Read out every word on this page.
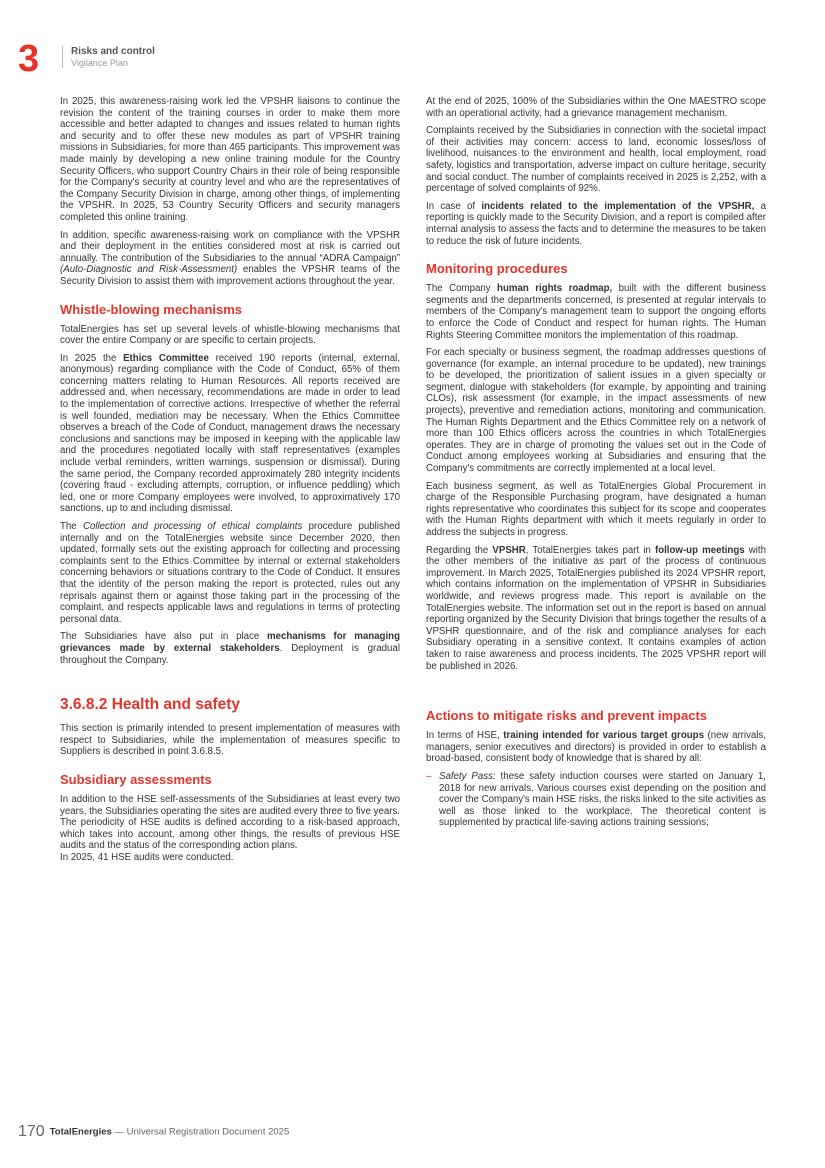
3	Risks and control
Vigilance Plan

In 2025, this awareness-raising work led the VPSHR liaisons to continue the revision the content of the training courses in order to make them more accessible and better adapted to changes and issues related to human rights and security and to offer these new modules as part of VPSHR training missions in Subsidiaries, for more than 465 participants. This improvement was made mainly by developing a new online training module for the Country Security Officers, who support Country Chairs in their role of being responsible for the Company's security at country level and who are the representatives of the Company Security Division in charge, among other things, of implementing the VPSHR. In 2025, 53 Country Security Officers and security managers completed this online training.

In addition, specific awareness-raising work on compliance with the VPSHR and their deployment in the entities considered most at risk is carried out annually. The contribution of the Subsidiaries to the annual “ADRA Campaign” (Auto-Diagnostic and Risk-Assessment) enables the VPSHR teams of the Security Division to assist them with improvement actions throughout the year.

Whistle-blowing mechanisms

TotalEnergies has set up several levels of whistle-blowing mechanisms that cover the entire Company or are specific to certain projects.

In 2025 the Ethics Committee received 190 reports (internal, external, anonymous) regarding compliance with the Code of Conduct, 65% of them concerning matters relating to Human Resources. All reports received are addressed and, when necessary, recommendations are made in order to lead to the implementation of corrective actions. Irrespective of whether the referral is well founded, mediation may be necessary. When the Ethics Committee observes a breach of the Code of Conduct, management draws the necessary conclusions and sanctions may be imposed in keeping with the applicable law and the procedures negotiated locally with staff representatives (examples include verbal reminders, written warnings, suspension or dismissal). During the same period, the Company recorded approximately 280 integrity incidents (covering fraud - excluding attempts, corruption, or influence peddling) which led, one or more Company employees were involved, to approximatively 170 sanctions, up to and including dismissal.

The Collection and processing of ethical complaints procedure published internally and on the TotalEnergies website since December 2020, then updated, formally sets out the existing approach for collecting and processing complaints sent to the Ethics Committee by internal or external stakeholders concerning behaviors or situations contrary to the Code of Conduct. It ensures that the identity of the person making the report is protected, rules out any reprisals against them or against those taking part in the processing of the complaint, and respects applicable laws and regulations in terms of protecting personal data.

The Subsidiaries have also put in place mechanisms for managing grievances made by external stakeholders. Deployment is gradual throughout the Company.

3.6.8.2 Health and safety

This section is primarily intended to present implementation of measures with respect to Subsidiaries, while the implementation of measures specific to Suppliers is described in point 3.6.8.5.

Subsidiary assessments

In addition to the HSE self-assessments of the Subsidiaries at least every two years, the Subsidiaries operating the sites are audited every three to five years. The periodicity of HSE audits is defined according to a risk-based approach, which takes into account, among other things, the results of previous HSE audits and the status of the corresponding action plans.

In 2025, 41 HSE audits were conducted.

At the end of 2025, 100% of the Subsidiaries within the One MAESTRO scope with an operational activity, had a grievance management mechanism.

Complaints received by the Subsidiaries in connection with the societal impact of their activities may concern: access to land, economic losses/loss of livelihood, nuisances to the environment and health, local employment, road safety, logistics and transportation, adverse impact on culture heritage, security and social conduct. The number of complaints received in 2025 is 2,252, with a percentage of solved complaints of 92%.

In case of incidents related to the implementation of the VPSHR, a reporting is quickly made to the Security Division, and a report is compiled after internal analysis to assess the facts and to determine the measures to be taken to reduce the risk of future incidents.

Monitoring procedures

The Company human rights roadmap, built with the different business segments and the departments concerned, is presented at regular intervals to members of the Company's management team to support the ongoing efforts to enforce the Code of Conduct and respect for human rights. The Human Rights Steering Committee monitors the implementation of this roadmap.

For each specialty or business segment, the roadmap addresses questions of governance (for example, an internal procedure to be updated), new trainings to be developed, the prioritization of salient issues in a given specialty or segment, dialogue with stakeholders (for example, by appointing and training CLOs), risk assessment (for example, in the impact assessments of new projects), preventive and remediation actions, monitoring and communication. The Human Rights Department and the Ethics Committee rely on a network of more than 100 Ethics officers across the countries in which TotalEnergies operates. They are in charge of promoting the values set out in the Code of Conduct among employees working at Subsidiaries and ensuring that the Company's commitments are correctly implemented at a local level.

Each business segment, as well as TotalEnergies Global Procurement in charge of the Responsible Purchasing program, have designated a human rights representative who coordinates this subject for its scope and cooperates with the Human Rights department with which it meets regularly in order to address the subjects in progress.

Regarding the VPSHR, TotalEnergies takes part in follow-up meetings with the other members of the initiative as part of the process of continuous improvement. In March 2025, TotalEnergies published its 2024 VPSHR report, which contains information on the implementation of VPSHR in Subsidiaries worldwide, and reviews progress made. This report is available on the TotalEnergies website. The information set out in the report is based on annual reporting organized by the Security Division that brings together the results of a VPSHR questionnaire, and of the risk and compliance analyses for each Subsidiary operating in a sensitive context. It contains examples of action taken to raise awareness and process incidents. The 2025 VPSHR report will be published in 2026.

Actions to mitigate risks and prevent impacts

In terms of HSE, training intended for various target groups (new arrivals, managers, senior executives and directors) is provided in order to establish a broad-based, consistent body of knowledge that is shared by all:

– Safety Pass: these safety induction courses were started on January 1, 2018 for new arrivals. Various courses exist depending on the position and cover the Company's main HSE risks, the risks linked to the site activities as well as those linked to the workplace. The theoretical content is supplemented by practical life-saving actions training sessions;
170 TotalEnergies — Universal Registration Document 2025
